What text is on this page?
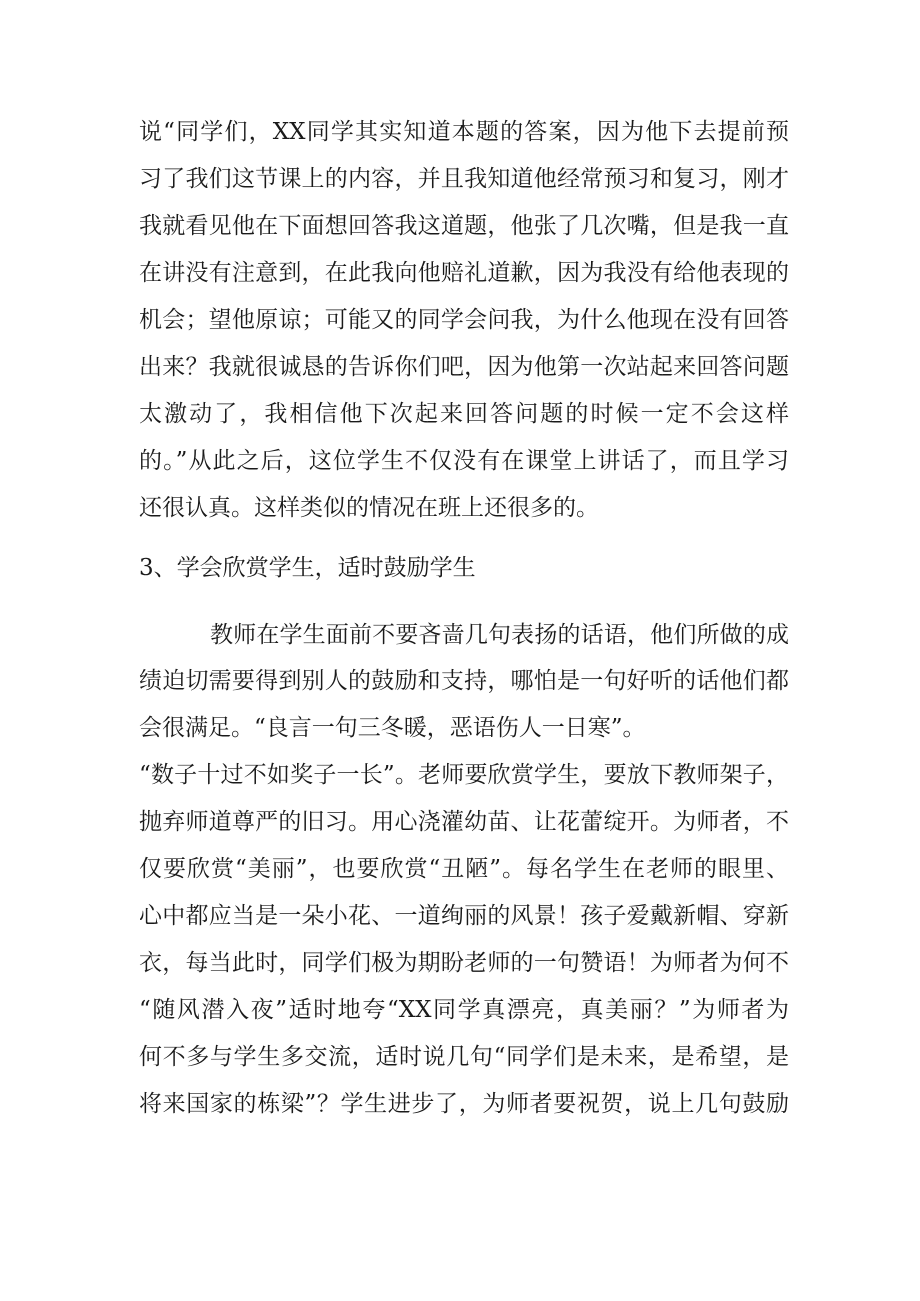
说“同学们，XX同学其实知道本题的答案，因为他下去提前预
习了我们这节课上的内容，并且我知道他经常预习和复习，刚才
我就看见他在下面想回答我这道题，他张了几次嘴，但是我一直
在讲没有注意到，在此我向他赔礼道歉，因为我没有给他表现的
机会；望他原谅；可能又的同学会问我，为什么他现在没有回答
出来？我就很诚恳的告诉你们吧，因为他第一次站起来回答问题
太激动了，我相信他下次起来回答问题的时候一定不会这样
的。”从此之后，这位学生不仅没有在课堂上讲话了，而且学习
还很认真。这样类似的情况在班上还很多的。
3、学会欣赏学生，适时鼓励学生
教师在学生面前不要吝啬几句表扬的话语，他们所做的成
绩迫切需要得到别人的鼓励和支持，哪怕是一句好听的话他们都
会很满足。“良言一句三冬暖，恶语伤人一日寒”。
“数子十过不如奖子一长”。老师要欣赏学生，要放下教师架子，
抛弃师道尊严的旧习。用心浇灌幼苗、让花蕾绽开。为师者，不
仅要欣赏“美丽”，也要欣赏“丑陋”。每名学生在老师的眼里、
心中都应当是一朵小花、一道绚丽的风景！孩子爱戴新帽、穿新
衣，每当此时，同学们极为期盼老师的一句赞语！为师者为何不
“随风潜入夜”适时地夸“XX同学真漂亮，真美丽？”为师者为
何不多与学生多交流，适时说几句“同学们是未来，是希望，是
将来国家的栋梁”？学生进步了，为师者要祝贺，说上几句鼓励
